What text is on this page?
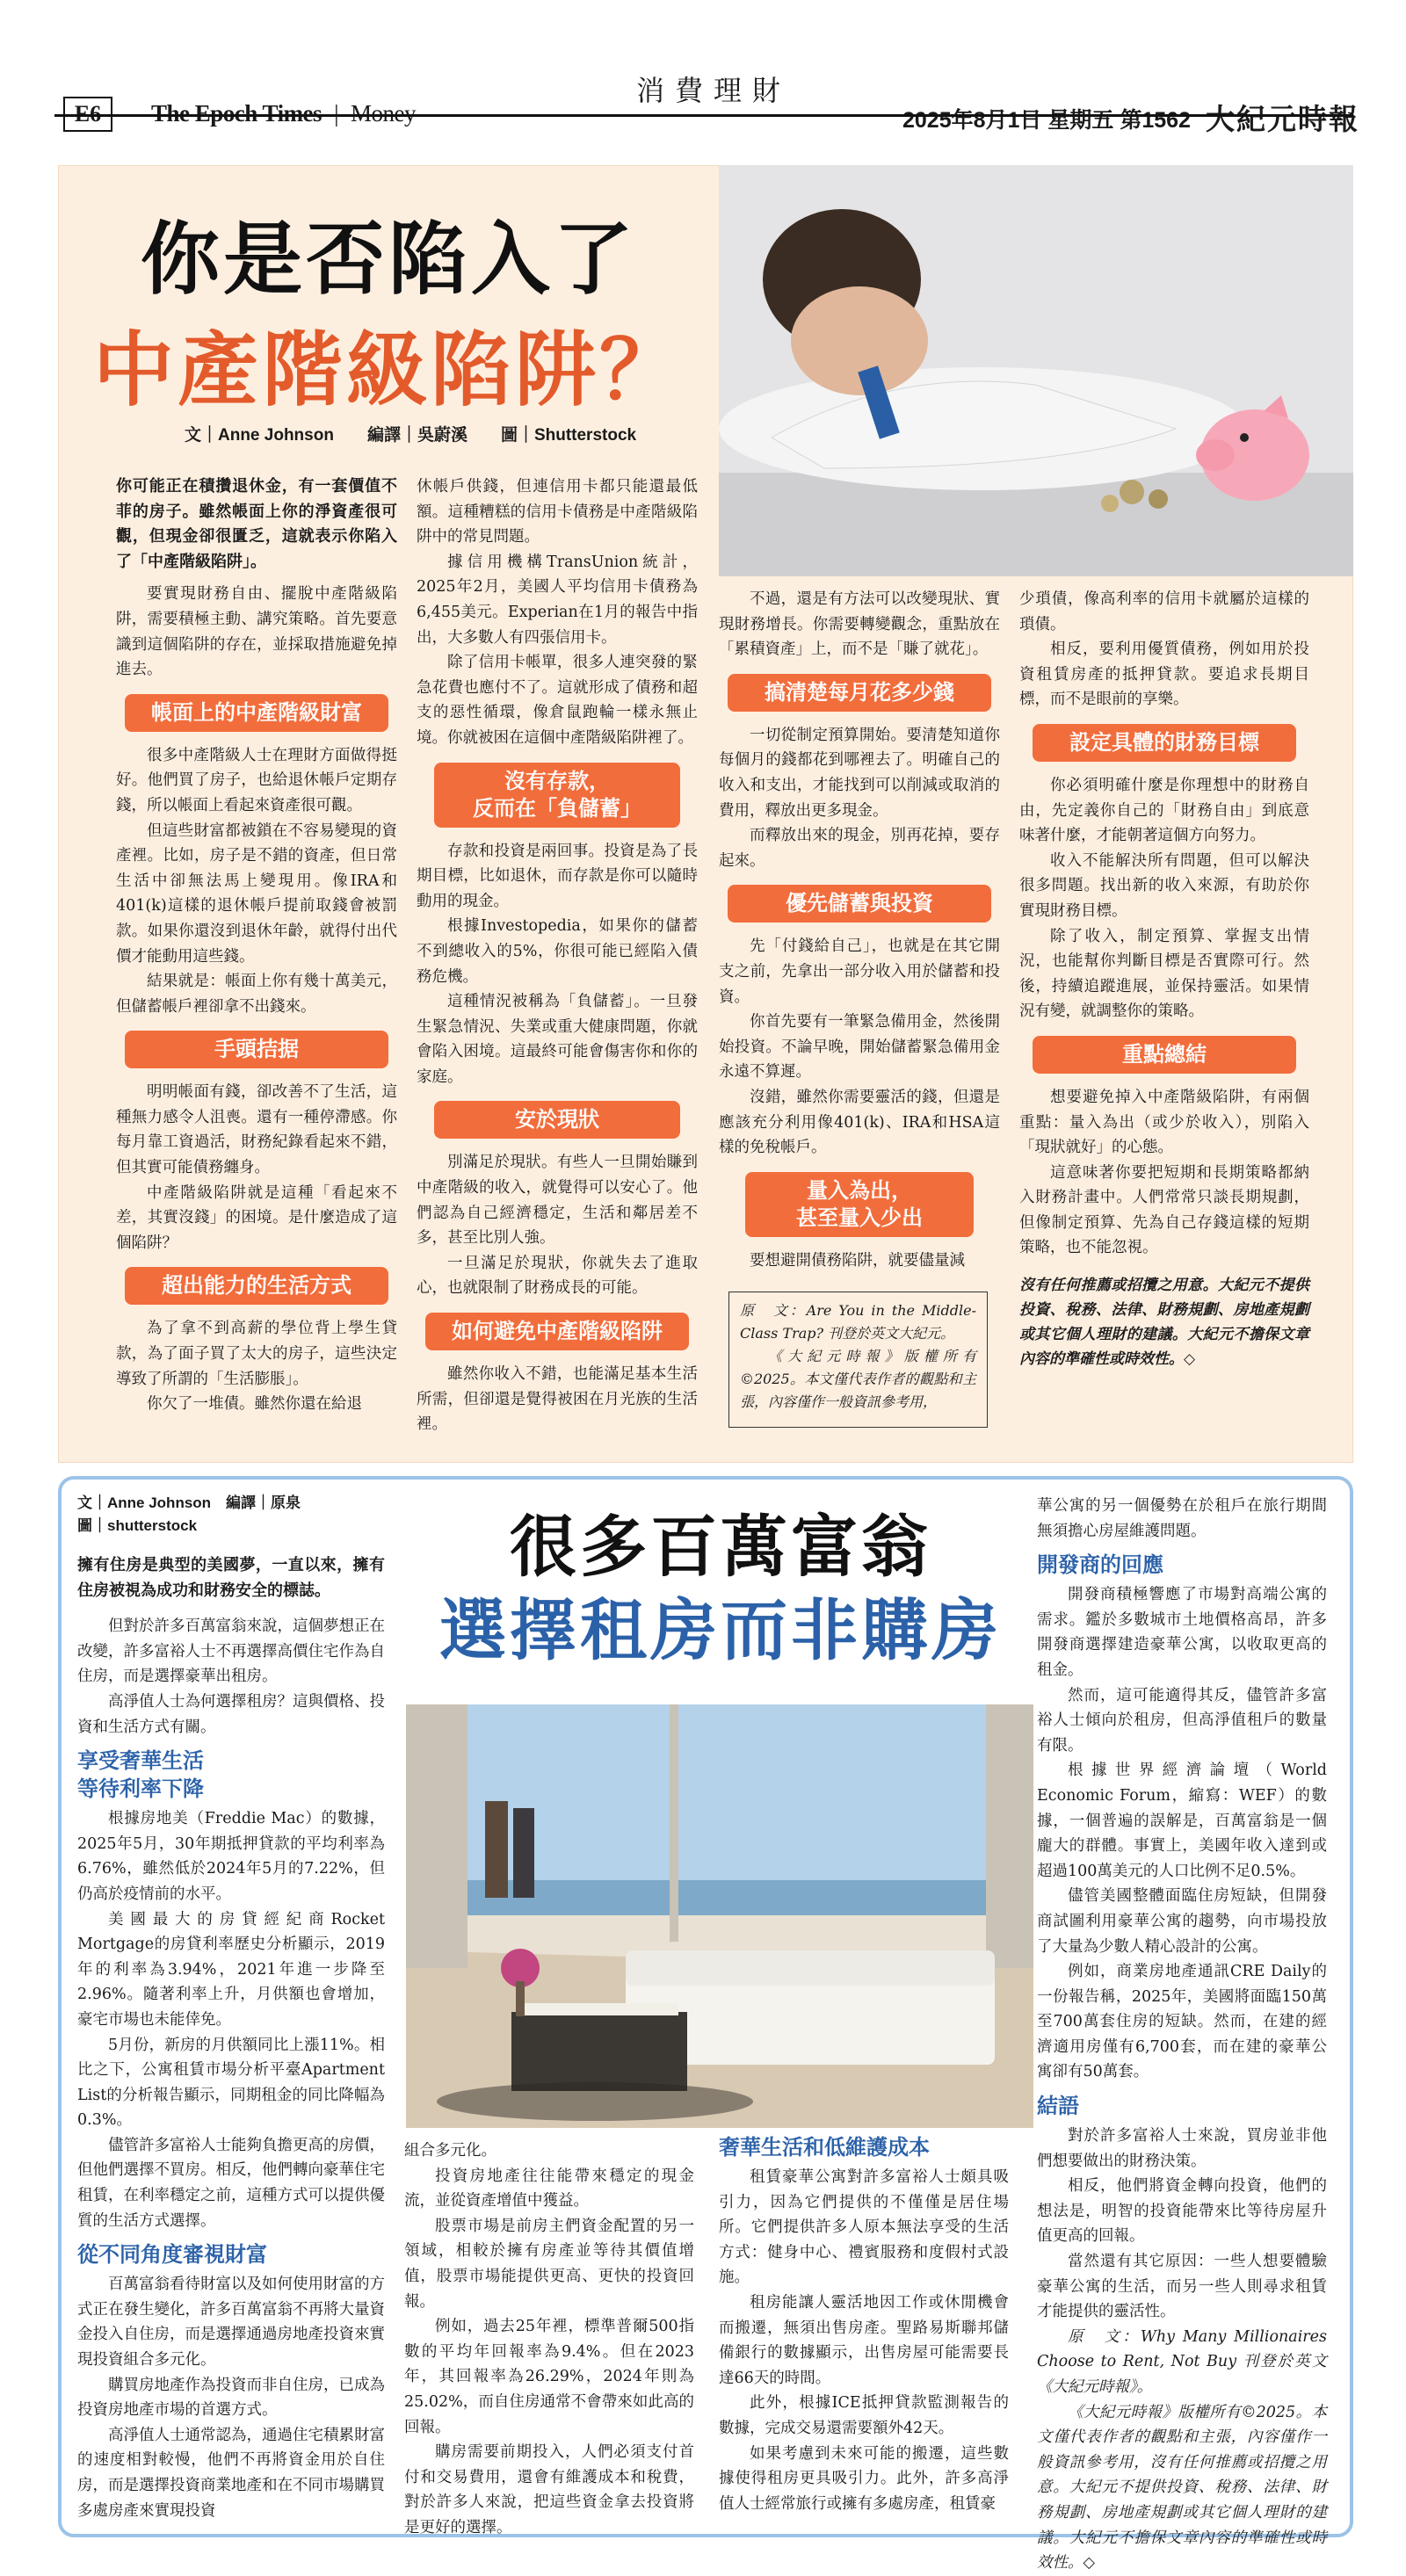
E6	The Epoch Times | Money
消費理財
2025年8月1日 星期五 第1562 大紀元時報
你是否陷入了
中產階級陷阱？
文｜Anne Johnson　　編譯｜吳蔚溪　　圖｜Shutterstock

你可能正在積攢退休金，有一套價值不菲的房子。雖然帳面上你的淨資產很可觀，但現金卻很匱乏，這就表示你陷入了「中產階級陷阱」。

要實現財務自由、擺脫中產階級陷阱，需要積極主動、講究策略。首先要意識到這個陷阱的存在，並採取措施避免掉進去。

帳面上的中產階級財富

很多中產階級人士在理財方面做得挺好。他們買了房子，也給退休帳戶定期存錢，所以帳面上看起來資產很可觀。

但這些財富都被鎖在不容易變現的資產裡。比如，房子是不錯的資產，但日常生活中卻無法馬上變現用。像IRA和401(k)這樣的退休帳戶提前取錢會被罰款。如果你還沒到退休年齡，就得付出代價才能動用這些錢。

結果就是：帳面上你有幾十萬美元，但儲蓄帳戶裡卻拿不出錢來。

手頭拮据

明明帳面有錢，卻改善不了生活，這種無力感令人沮喪。還有一種停滯感。你每月靠工資過活，財務紀錄看起來不錯，但其實可能債務纏身。

中產階級陷阱就是這種「看起來不差，其實沒錢」的困境。是什麼造成了這個陷阱？

超出能力的生活方式

為了拿不到高薪的學位背上學生貸款，為了面子買了太大的房子，這些決定導致了所謂的「生活膨脹」。

你欠了一堆債。雖然你還在給退

休帳戶供錢，但連信用卡都只能還最低額。這種糟糕的信用卡債務是中產階級陷阱中的常見問題。

據信用機構TransUnion統計，2025年2月，美國人平均信用卡債務為6,455美元。Experian在1月的報告中指出，大多數人有四張信用卡。

除了信用卡帳單，很多人連突發的緊急花費也應付不了。這就形成了債務和超支的惡性循環，像倉鼠跑輪一樣永無止境。你就被困在這個中產階級陷阱裡了。

沒有存款，
反而在「負儲蓄」

存款和投資是兩回事。投資是為了長期目標，比如退休，而存款是你可以隨時動用的現金。

根據Investopedia，如果你的儲蓄不到總收入的5%，你很可能已經陷入債務危機。

這種情況被稱為「負儲蓄」。一旦發生緊急情況、失業或重大健康問題，你就會陷入困境。這最終可能會傷害你和你的家庭。

安於現狀

別滿足於現狀。有些人一旦開始賺到中產階級的收入，就覺得可以安心了。他們認為自己經濟穩定，生活和鄰居差不多，甚至比別人強。

一旦滿足於現狀，你就失去了進取心，也就限制了財務成長的可能。

如何避免中產階級陷阱

雖然你收入不錯，也能滿足基本生活所需，但卻還是覺得被困在月光族的生活裡。

不過，還是有方法可以改變現狀、實現財務增長。你需要轉變觀念，重點放在「累積資產」上，而不是「賺了就花」。

搞清楚每月花多少錢

一切從制定預算開始。要清楚知道你每個月的錢都花到哪裡去了。明確自己的收入和支出，才能找到可以削減或取消的費用，釋放出更多現金。

而釋放出來的現金，別再花掉，要存起來。

優先儲蓄與投資

先「付錢給自己」，也就是在其它開支之前，先拿出一部分收入用於儲蓄和投資。

你首先要有一筆緊急備用金，然後開始投資。不論早晚，開始儲蓄緊急備用金永遠不算遲。

沒錯，雖然你需要靈活的錢，但還是應該充分利用像401(k)、IRA和HSA這樣的免稅帳戶。

量入為出，
甚至量入少出

要想避開債務陷阱，就要儘量減

少瑣債，像高利率的信用卡就屬於這樣的瑣債。

相反，要利用優質債務，例如用於投資租賃房產的抵押貸款。要追求長期目標，而不是眼前的享樂。

設定具體的財務目標

你必須明確什麼是你理想中的財務自由，先定義你自己的「財務自由」到底意味著什麼，才能朝著這個方向努力。

收入不能解決所有問題，但可以解決很多問題。找出新的收入來源，有助於你實現財務目標。

除了收入，制定預算、掌握支出情況，也能幫你判斷目標是否實際可行。然後，持續追蹤進展，並保持靈活。如果情況有變，就調整你的策略。

重點總結

想要避免掉入中產階級陷阱，有兩個重點：量入為出（或少於收入），別陷入「現狀就好」的心態。

這意味著你要把短期和長期策略都納入財務計畫中。人們常常只談長期規劃，但像制定預算、先為自己存錢這樣的短期策略，也不能忽視。

沒有任何推薦或招攬之用意。大紀元不提供投資、稅務、法律、財務規劃、房地產規劃或其它個人理財的建議。大紀元不擔保文章內容的準確性或時效性。◇

原　文：Are You in the Middle-Class Trap? 刊登於英文大紀元。

《大紀元時報》版權所有©2025。本文僅代表作者的觀點和主張，內容僅作一般資訊參考用，

很多百萬富翁
選擇租房而非購房
文｜Anne Johnson　編譯｜原泉
圖｜shutterstock

擁有住房是典型的美國夢，一直以來，擁有住房被視為成功和財務安全的標誌。

但對於許多百萬富翁來說，這個夢想正在改變，許多富裕人士不再選擇高價住宅作為自住房，而是選擇豪華出租房。

高淨值人士為何選擇租房？這與價格、投資和生活方式有關。

享受奢華生活
等待利率下降

根據房地美（Freddie Mac）的數據，2025年5月，30年期抵押貸款的平均利率為6.76%，雖然低於2024年5月的7.22%，但仍高於疫情前的水平。

美國最大的房貸經紀商Rocket Mortgage的房貸利率歷史分析顯示，2019年的利率為3.94%，2021年進一步降至2.96%。隨著利率上升，月供額也會增加，豪宅市場也未能倖免。

5月份，新房的月供額同比上漲11%。相比之下，公寓租賃市場分析平臺Apartment List的分析報告顯示，同期租金的同比降幅為0.3%。

儘管許多富裕人士能夠負擔更高的房價，但他們選擇不買房。相反，他們轉向豪華住宅租賃，在利率穩定之前，這種方式可以提供優質的生活方式選擇。

從不同角度審視財富

百萬富翁看待財富以及如何使用財富的方式正在發生變化，許多百萬富翁不再將大量資金投入自住房，而是選擇通過房地產投資來實現投資組合多元化。

購買房地產作為投資而非自住房，已成為投資房地產市場的首選方式。

高淨值人士通常認為，通過住宅積累財富的速度相對較慢，他們不再將資金用於自住房，而是選擇投資商業地產和在不同市場購買多處房產來實現投資

組合多元化。

投資房地產往往能帶來穩定的現金流，並從資產增值中獲益。

股票市場是前房主們資金配置的另一領域，相較於擁有房產並等待其價值增值，股票市場能提供更高、更快的投資回報。

例如，過去25年裡，標準普爾500指數的平均年回報率為9.4%。但在2023年，其回報率為26.29%，2024年則為25.02%，而自住房通常不會帶來如此高的回報。

購房需要前期投入，人們必須支付首付和交易費用，還會有維護成本和稅費，對於許多人來說，把這些資金拿去投資將是更好的選擇。

奢華生活和低維護成本

租賃豪華公寓對許多富裕人士頗具吸引力，因為它們提供的不僅僅是居住場所。它們提供許多人原本無法享受的生活方式：健身中心、禮賓服務和度假村式設施。

租房能讓人靈活地因工作或休閒機會而搬遷，無須出售房產。聖路易斯聯邦儲備銀行的數據顯示，出售房屋可能需要長達66天的時間。

此外，根據ICE抵押貸款監測報告的數據，完成交易還需要額外42天。

如果考慮到未來可能的搬遷，這些數據使得租房更具吸引力。此外，許多高淨值人士經常旅行或擁有多處房產，租賃豪

華公寓的另一個優勢在於租戶在旅行期間無須擔心房屋維護問題。

開發商的回應

開發商積極響應了市場對高端公寓的需求。鑑於多數城市土地價格高昂，許多開發商選擇建造豪華公寓，以收取更高的租金。

然而，這可能適得其反，儘管許多富裕人士傾向於租房，但高淨值租戶的數量有限。

根據世界經濟論壇（World Economic Forum，縮寫：WEF）的數據，一個普遍的誤解是，百萬富翁是一個龐大的群體。事實上，美國年收入達到或超過100萬美元的人口比例不足0.5%。

儘管美國整體面臨住房短缺，但開發商試圖利用豪華公寓的趨勢，向市場投放了大量為少數人精心設計的公寓。

例如，商業房地產通訊CRE Daily的一份報告稱，2025年，美國將面臨150萬至700萬套住房的短缺。然而，在建的經濟適用房僅有6,700套，而在建的豪華公寓卻有50萬套。

結語

對於許多富裕人士來說，買房並非他們想要做出的財務決策。

相反，他們將資金轉向投資，他們的想法是，明智的投資能帶來比等待房屋升值更高的回報。

當然還有其它原因：一些人想要體驗豪華公寓的生活，而另一些人則尋求租賃才能提供的靈活性。

原　文：Why Many Millionaires Choose to Rent, Not Buy 刊登於英文《大紀元時報》。

《大紀元時報》版權所有©2025。本文僅代表作者的觀點和主張，內容僅作一般資訊參考用，沒有任何推薦或招攬之用意。大紀元不提供投資、稅務、法律、財務規劃、房地產規劃或其它個人理財的建議。大紀元不擔保文章內容的準確性或時效性。◇
